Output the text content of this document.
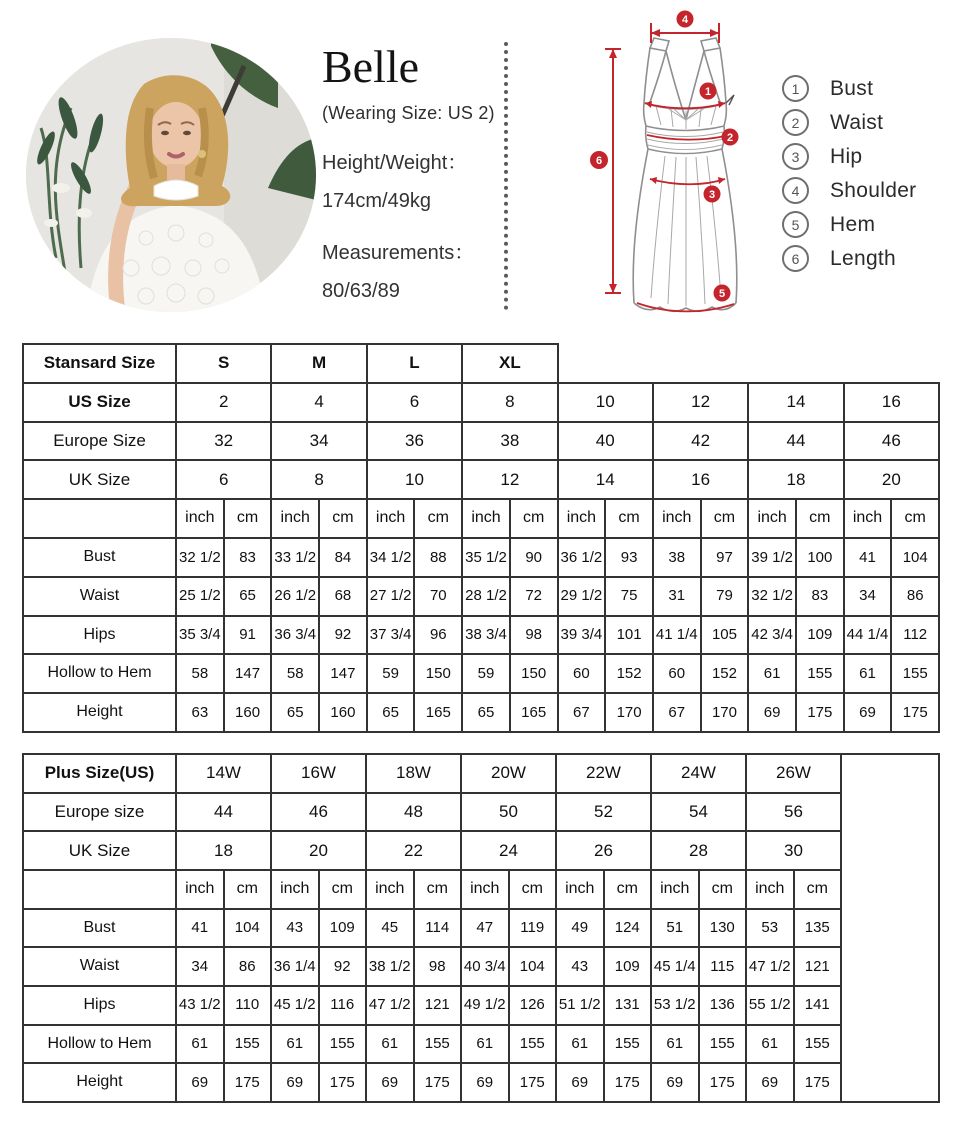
Belle

(Wearing Size: US 2)

Height/Weight：

174cm/49kg

Measurements：

80/63/89

1
2
3
4
5
6
1	Bust
2	Waist
3	Hip
4	Shoulder
5	Hem
6	Length
Stansard Size	S		M		L		XL									
US Size	2		4		6		8		10		12		14		16	
Europe Size	32		34		36		38		40		42		44		46	
UK Size	6		8		10		12		14		16		18		20	
	inch	cm	inch	cm	inch	cm	inch	cm	inch	cm	inch	cm	inch	cm	inch	cm
Bust	32 1/2	83	33 1/2	84	34 1/2	88	35 1/2	90	36 1/2	93	38	97	39 1/2	100	41	104
Waist	25 1/2	65	26 1/2	68	27 1/2	70	28 1/2	72	29 1/2	75	31	79	32 1/2	83	34	86
Hips	35 3/4	91	36 3/4	92	37 3/4	96	38 3/4	98	39 3/4	101	41 1/4	105	42 3/4	109	44 1/4	112
Hollow to Hem	58	147	58	147	59	150	59	150	60	152	60	152	61	155	61	155
Height	63	160	65	160	65	165	65	165	67	170	67	170	69	175	69	175
Plus Size(US)	14W		16W		18W		20W		22W		24W		26W		
Europe size	44		46		48		50		52		54		56		
UK Size	18		20		22		24		26		28		30		
	inch	cm	inch	cm	inch	cm	inch	cm	inch	cm	inch	cm	inch	cm	
Bust	41	104	43	109	45	114	47	119	49	124	51	130	53	135	
Waist	34	86	36 1/4	92	38 1/2	98	40 3/4	104	43	109	45 1/4	115	47 1/2	121	
Hips	43 1/2	110	45 1/2	116	47 1/2	121	49 1/2	126	51 1/2	131	53 1/2	136	55 1/2	141	
Hollow to Hem	61	155	61	155	61	155	61	155	61	155	61	155	61	155	
Height	69	175	69	175	69	175	69	175	69	175	69	175	69	175	
